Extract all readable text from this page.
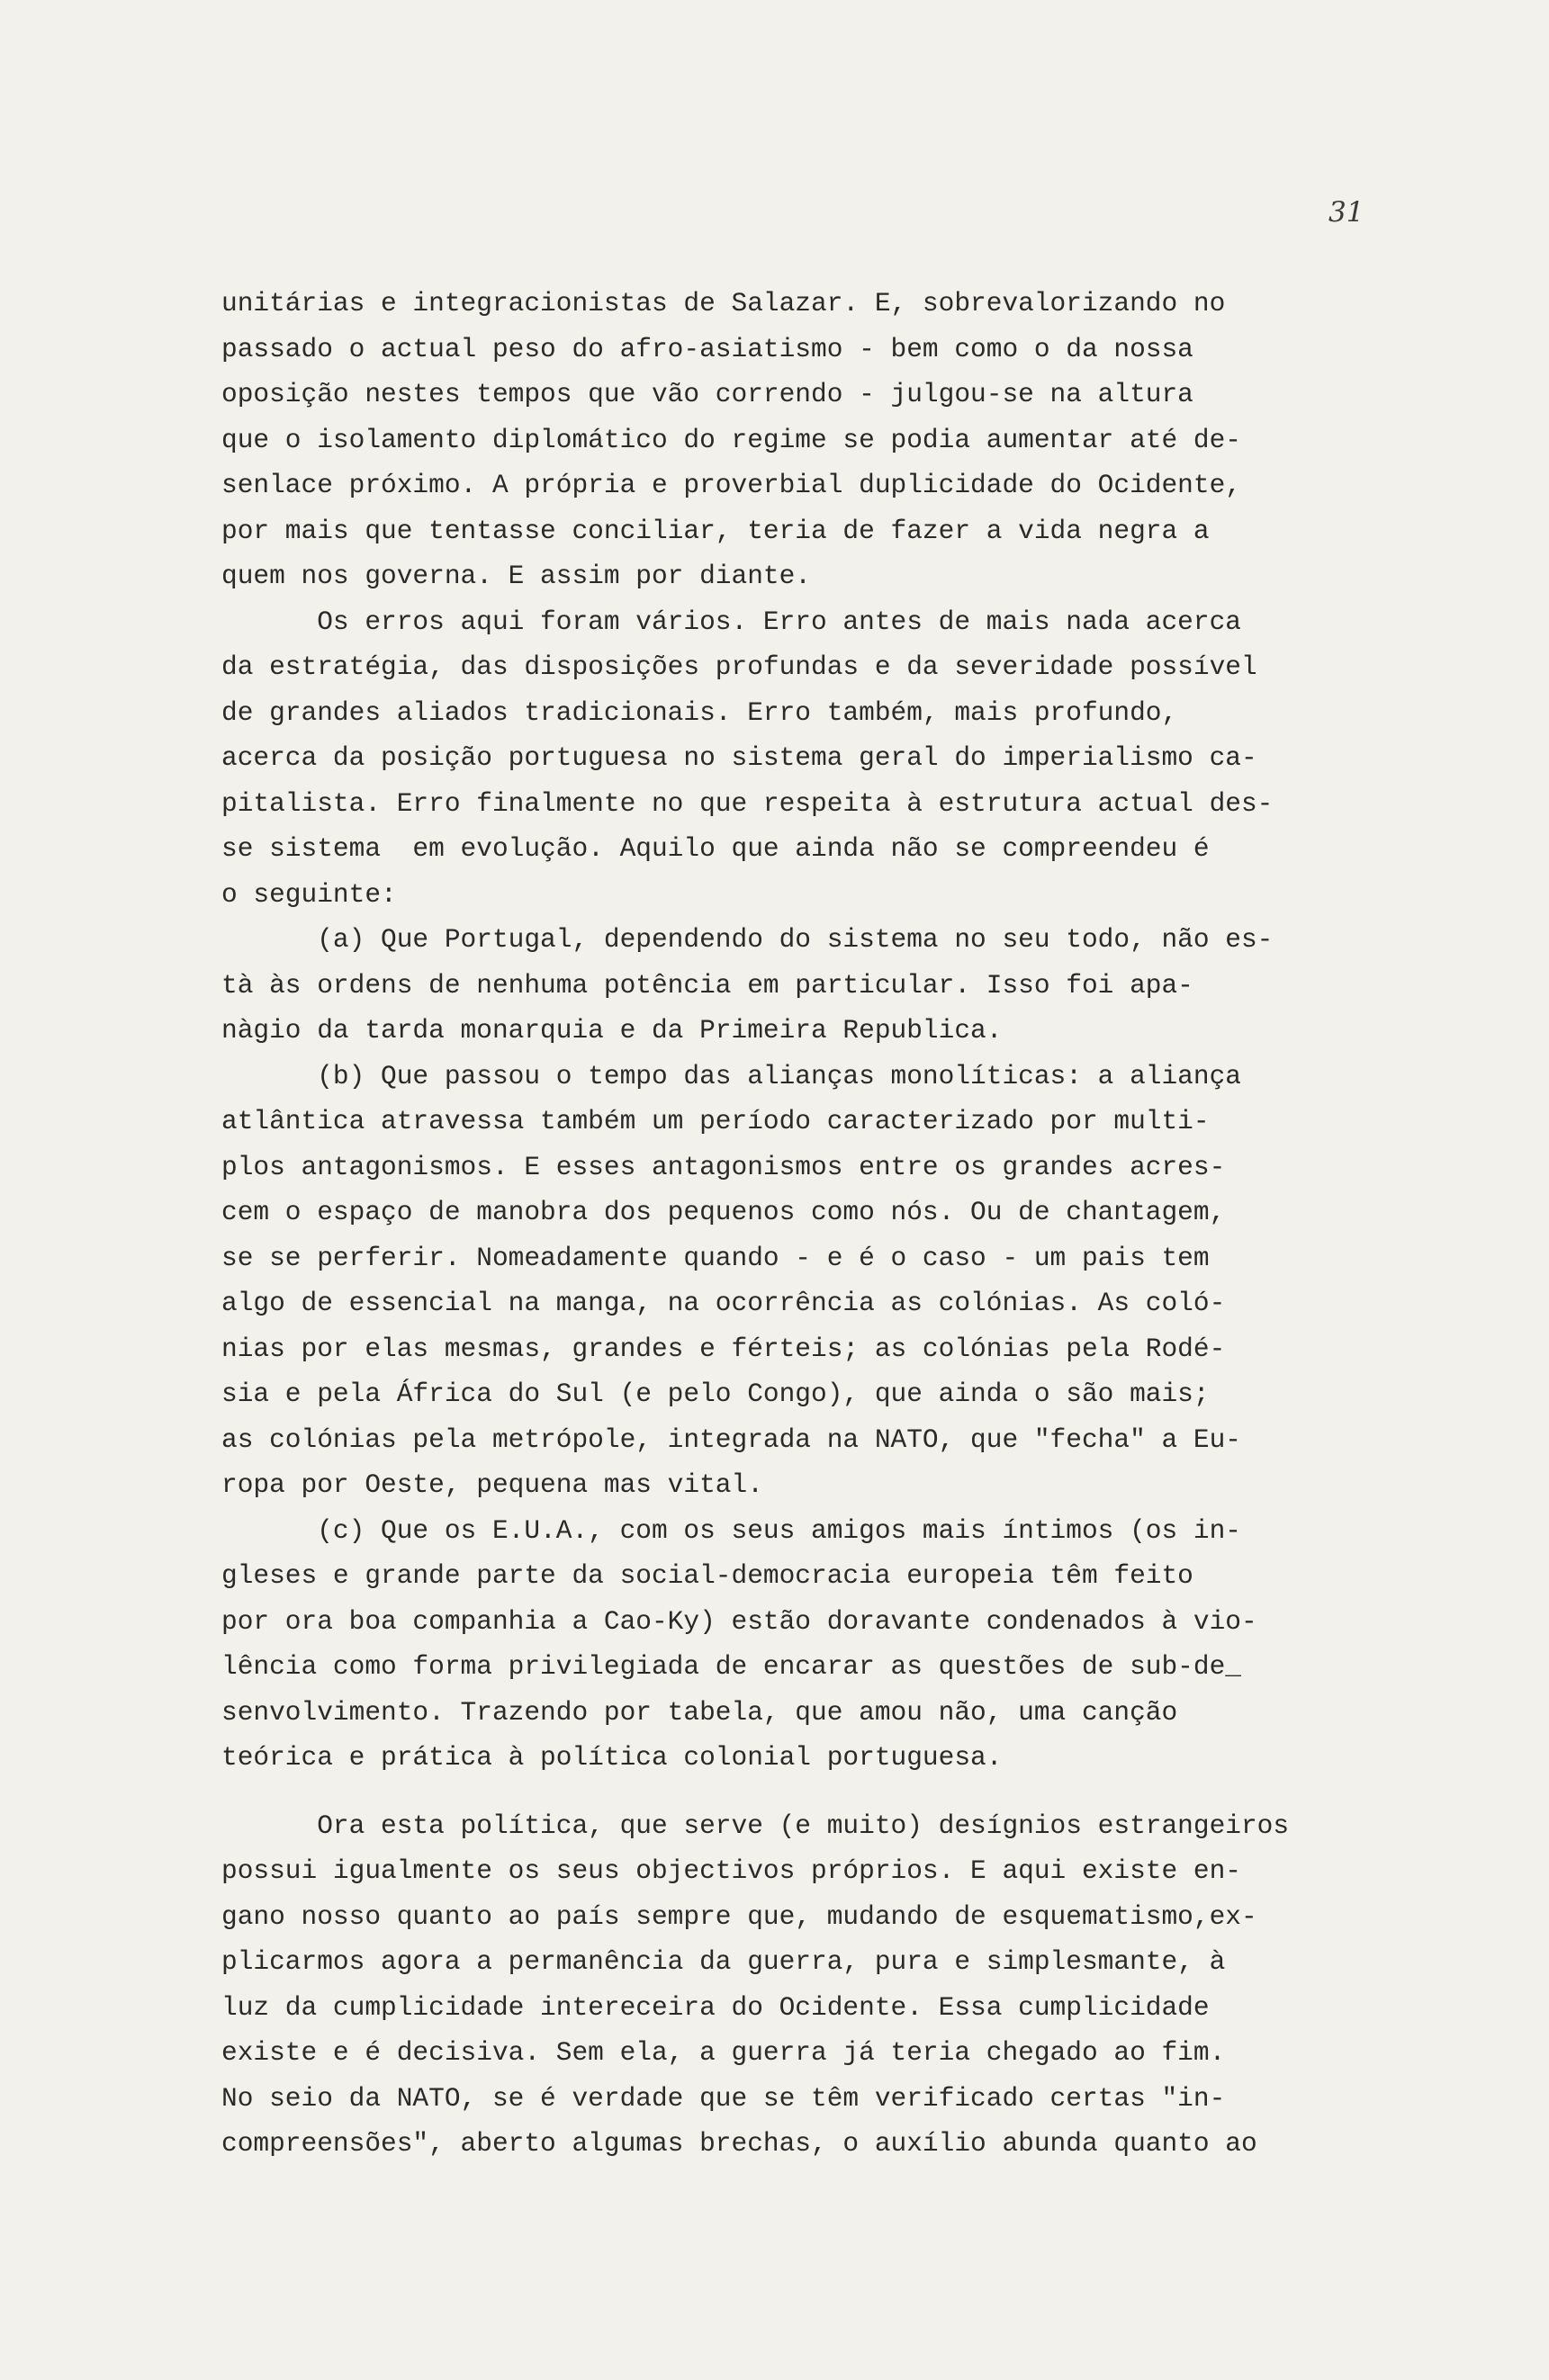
31
unitárias e integracionistas de Salazar. E, sobrevalorizando no
passado o actual peso do afro-asiatismo - bem como o da nossa
oposição nestes tempos que vão correndo - julgou-se na altura
que o isolamento diplomático do regime se podia aumentar até de-
senlace próximo. A própria e proverbial duplicidade do Ocidente,
por mais que tentasse conciliar, teria de fazer a vida negra a
quem nos governa. E assim por diante.
Os erros aqui foram vários. Erro antes de mais nada acerca
da estratégia, das disposições profundas e da severidade possível
de grandes aliados tradicionais. Erro também, mais profundo,
acerca da posição portuguesa no sistema geral do imperialismo ca-
pitalista. Erro finalmente no que respeita à estrutura actual des-
se sistema  em evolução. Aquilo que ainda não se compreendeu é
o seguinte:
(a) Que Portugal, dependendo do sistema no seu todo, não es-
tà às ordens de nenhuma potência em particular. Isso foi apa-
nàgio da tarda monarquia e da Primeira Republica.
(b) Que passou o tempo das alianças monolíticas: a aliança
atlântica atravessa também um período caracterizado por multi-
plos antagonismos. E esses antagonismos entre os grandes acres-
cem o espaço de manobra dos pequenos como nós. Ou de chantagem,
se se perferir. Nomeadamente quando - e é o caso - um pais tem
algo de essencial na manga, na ocorrência as colónias. As coló-
nias por elas mesmas, grandes e férteis; as colónias pela Rodé-
sia e pela África do Sul (e pelo Congo), que ainda o são mais;
as colónias pela metrópole, integrada na NATO, que "fecha" a Eu-
ropa por Oeste, pequena mas vital.
(c) Que os E.U.A., com os seus amigos mais íntimos (os in-
gleses e grande parte da social-democracia europeia têm feito
por ora boa companhia a Cao-Ky) estão doravante condenados à vio-
lência como forma privilegiada de encarar as questões de sub-de_
senvolvimento. Trazendo por tabela, que amou não, uma canção
teórica e prática à política colonial portuguesa.
Ora esta política, que serve (e muito) desígnios estrangeiros
possui igualmente os seus objectivos próprios. E aqui existe en-
gano nosso quanto ao país sempre que, mudando de esquematismo,ex-
plicarmos agora a permanência da guerra, pura e simplesmante, à
luz da cumplicidade intereceira do Ocidente. Essa cumplicidade
existe e é decisiva. Sem ela, a guerra já teria chegado ao fim.
No seio da NATO, se é verdade que se têm verificado certas "in-
compreensões", aberto algumas brechas, o auxílio abunda quanto ao
